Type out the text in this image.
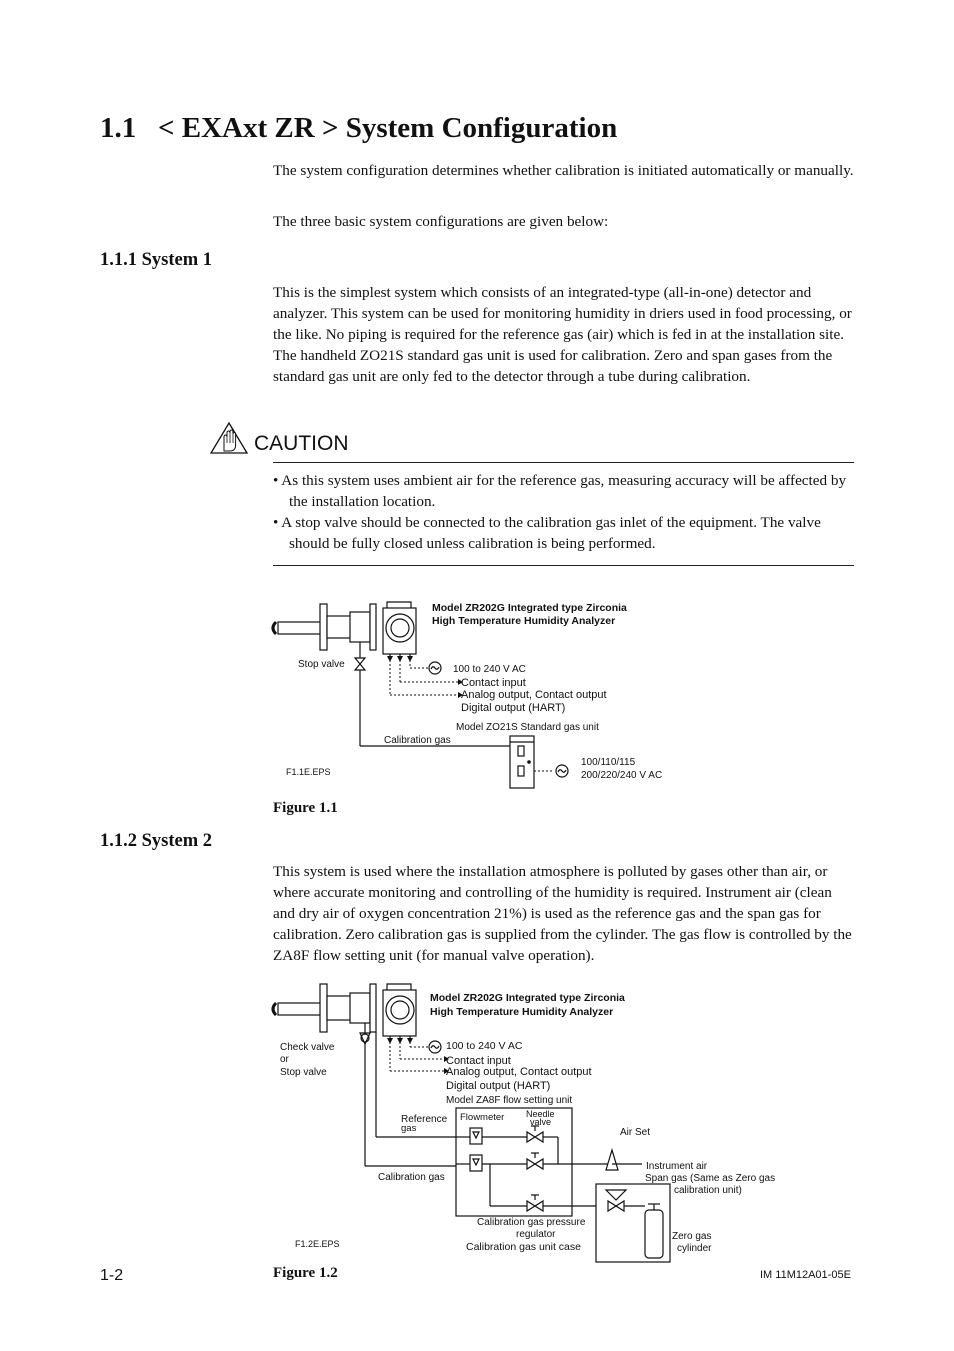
1.1 < EXAxt ZR > System Configuration

The system configuration determines whether calibration is initiated automatically or manually.

The three basic system configurations are given below:

1.1.1 System 1

This is the simplest system which consists of an integrated-type (all-in-one) detector and analyzer. This system can be used for monitoring humidity in driers used in food processing, or the like. No piping is required for the reference gas (air) which is fed in at the installation site. The handheld ZO21S standard gas unit is used for calibration. Zero and span gases from the standard gas unit are only fed to the detector through a tube during calibration.

CAUTION

• As this system uses ambient air for the reference gas, measuring accuracy will be affected by the installation location.

• A stop valve should be connected to the calibration gas inlet of the equipment. The valve should be fully closed unless calibration is being performed.

Model ZR202G Integrated type Zirconia
High Temperature Humidity Analyzer
Stop valve	100 to 240 V AC
Contact input
Analog output, Contact output
Digital output (HART)
Model ZO21S Standard gas unit
Calibration gas
100/110/115
200/220/240 V AC
F1.1E.EPS
Figure 1.1
1.1.2 System 2

This system is used where the installation atmosphere is polluted by gases other than air, or where accurate monitoring and controlling of the humidity is required. Instrument air (clean and dry air of oxygen concentration 21%) is used as the reference gas and the span gas for calibration. Zero calibration gas is supplied from the cylinder. The gas flow is controlled by the ZA8F flow setting unit (for manual valve operation).

Model ZR202G Integrated type Zirconia
High Temperature Humidity Analyzer
100 to 240 V AC
Check valve
or
Stop valve
Contact input
Analog output, Contact output
Digital output (HART)
Model ZA8F flow setting unit
Reference
gas
Flowmeter Needle
valve
Air Set
Instrument air
Span gas (Same as Zero gas
calibration unit)
Calibration gas
Calibration gas pressure
regulator
Calibration gas unit case
Zero gas
cylinder
F1.2E.EPS
Figure 1.2
1-2	IM 11M12A01-05E
